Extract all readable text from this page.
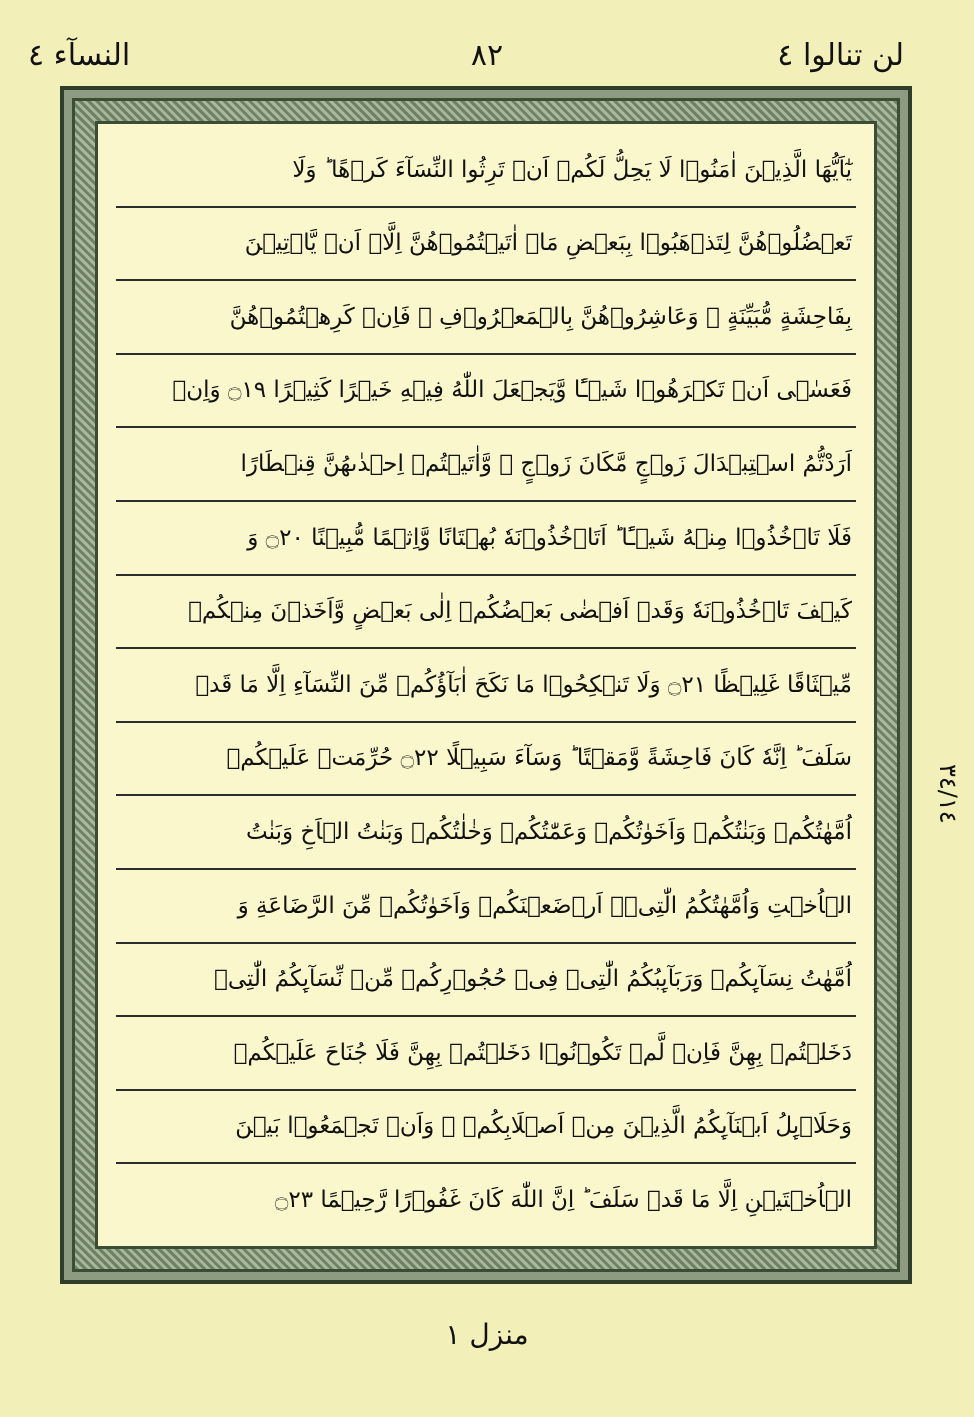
لن تنالوا ٤
٨٢
النسآء ٤
يٰٓاَيُّهَا الَّذِيۡنَ اٰمَنُوۡا لَا يَحِلُّ لَكُمۡ اَنۡ تَرِثُوا النِّسَآءَ كَرۡهًا ؕ وَلَا
تَعۡضُلُوۡهُنَّ لِتَذۡهَبُوۡا بِبَعۡضِ مَاۤ اٰتَيۡتُمُوۡهُنَّ اِلَّاۤ اَنۡ يَّاۡتِيۡنَ
بِفَاحِشَةٍ مُّبَيِّنَةٍ ۚ وَعَاشِرُوۡهُنَّ بِالۡمَعۡرُوۡفِ ۚ فَاِنۡ كَرِهۡتُمُوۡهُنَّ
فَعَسٰۤى اَنۡ تَكۡرَهُوۡا شَيۡـًٔا وَّيَجۡعَلَ اللّٰهُ فِيۡهِ خَيۡرًا كَثِيۡرًا ۝١٩ وَاِنۡ
اَرَدْتُّمُ اسۡتِبۡدَالَ زَوۡجٍ مَّكَانَ زَوۡجٍ ۙ وَّاٰتَيۡتُمۡ اِحۡدٰٮهُنَّ قِنۡطَارًا
فَلَا تَاۡخُذُوۡا مِنۡهُ شَيۡـًٔا ؕ اَتَاۡخُذُوۡنَهٗ بُهۡتَانًا وَّاِثۡمًا مُّبِيۡنًا ۝٢٠ وَ
كَيۡفَ تَاۡخُذُوۡنَهٗ وَقَدۡ اَفۡضٰى بَعۡضُكُمۡ اِلٰى بَعۡضٍ وَّاَخَذۡنَ مِنۡكُمۡ
مِّيۡثَاقًا غَلِيۡظًا ۝٢١ وَلَا تَنۡكِحُوۡا مَا نَكَحَ اٰبَآؤُكُمۡ مِّنَ النِّسَآءِ اِلَّا مَا قَدۡ
سَلَفَ ؕ اِنَّهٗ كَانَ فَاحِشَةً وَّمَقۡتًا ؕ وَسَآءَ سَبِيۡلًا ۝٢٢ حُرِّمَتۡ عَلَيۡكُمۡ
اُمَّهٰتُكُمۡ وَبَنٰتُكُمۡ وَاَخَوٰتُكُمۡ وَعَمّٰتُكُمۡ وَخٰلٰتُكُمۡ وَبَنٰتُ الۡاَخِ وَبَنٰتُ
الۡاُخۡتِ وَاُمَّهٰتُكُمُ الّٰتِىۡۤ اَرۡضَعۡنَكُمۡ وَاَخَوٰتُكُمۡ مِّنَ الرَّضَاعَةِ وَ
اُمَّهٰتُ نِسَآٮِٕكُمۡ وَرَبَآٮِٕبُكُمُ الّٰتِىۡ فِىۡ حُجُوۡرِكُمۡ مِّنۡ نِّسَآٮِٕكُمُ الّٰتِىۡ
دَخَلۡتُمۡ بِهِنَّ فَاِنۡ لَّمۡ تَكُوۡنُوۡا دَخَلۡتُمۡ بِهِنَّ فَلَا جُنَاحَ عَلَيۡكُمۡ
وَحَلَاۤٮِٕلُ اَبۡنَآٮِٕكُمُ الَّذِيۡنَ مِنۡ اَصۡلَابِكُمۡ ۙ وَاَنۡ تَجۡمَعُوۡا بَيۡنَ
الۡاُخۡتَيۡنِ اِلَّا مَا قَدۡ سَلَفَ ؕ اِنَّ اللّٰهَ كَانَ غَفُوۡرًا رَّحِيۡمًا ۝٢٣
٣٤/١٤
منزل ١
